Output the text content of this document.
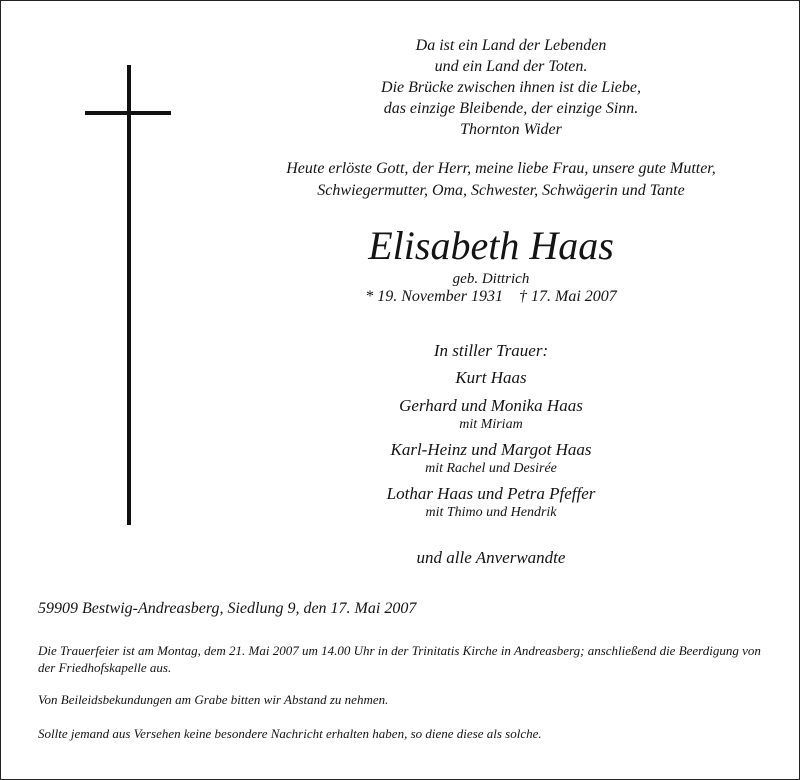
Da ist ein Land der Lebenden
und ein Land der Toten.
Die Brücke zwischen ihnen ist die Liebe,
das einzige Bleibende, der einzige Sinn.
Thornton Wider
Heute erlöste Gott, der Herr, meine liebe Frau, unsere gute Mutter,
Schwiegermutter, Oma, Schwester, Schwägerin und Tante
Elisabeth Haas
geb. Dittrich
* 19. November 1931    † 17. Mai 2007
In stiller Trauer:
Kurt Haas
Gerhard und Monika Haas
mit Miriam
Karl-Heinz und Margot Haas
mit Rachel und Desirée
Lothar Haas und Petra Pfeffer
mit Thimo und Hendrik
und alle Anverwandte
59909 Bestwig-Andreasberg, Siedlung 9, den 17. Mai 2007

Die Trauerfeier ist am Montag, dem 21. Mai 2007 um 14.00 Uhr in der Trinitatis Kirche in Andreasberg; anschließend die Beerdigung von der Friedhofskapelle aus.

Von Beileidsbekundungen am Grabe bitten wir Abstand zu nehmen.

Sollte jemand aus Versehen keine besondere Nachricht erhalten haben, so diene diese als solche.
